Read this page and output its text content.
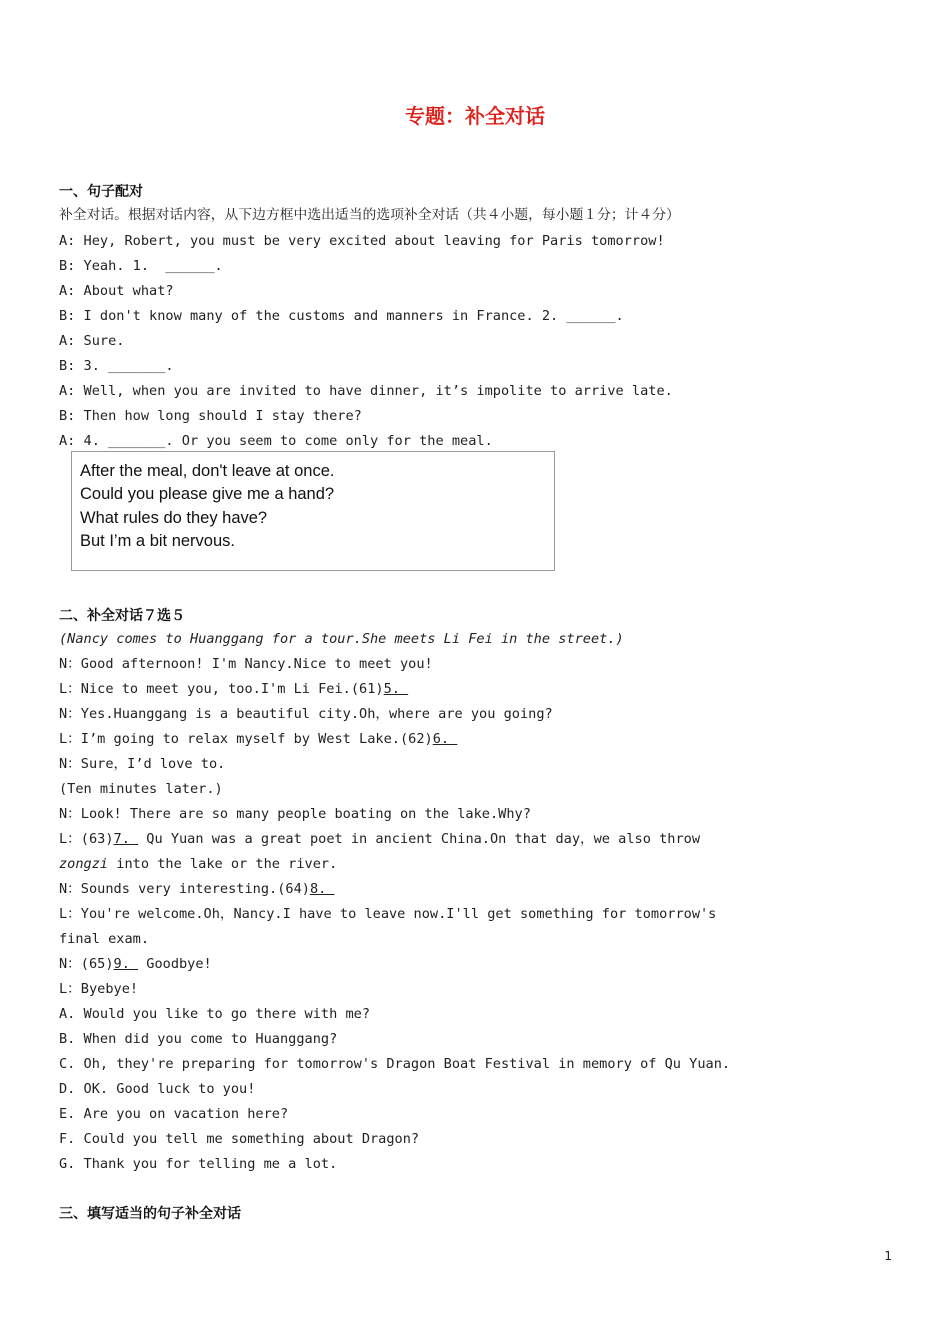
专题：补全对话
一、句子配对
补全对话。根据对话内容，从下边方框中选出适当的选项补全对话（共４小题，每小题１分；计４分）
A: Hey, Robert, you must be very excited about leaving for Paris tomorrow!
B: Yeah. 1.  ______.
A: About what?
B: I don't know many of the customs and manners in France. 2. ______.
A: Sure.
B: 3. _______.
A: Well, when you are invited to have dinner, it’s impolite to arrive late.
B: Then how long should I stay there?
A: 4. _______. Or you seem to come only for the meal.
After the meal, don't leave at once.
Could you please give me a hand?
What rules do they have?
But I’m a bit nervous.
二、补全对话７选５
(Nancy comes to Huanggang for a tour.She meets Li Fei in the street.)
N：Good afternoon! I'm Nancy.Nice to meet you!
L：Nice to meet you, too.I'm Li Fei.(61)5.
N：Yes.Huanggang is a beautiful city.Oh，where are you going?
L：I’m going to relax myself by West Lake.(62)6.
N：Sure，I’d love to.
(Ten minutes later.)
N：Look! There are so many people boating on the lake.Why?
L：(63)7.  Qu Yuan was a great poet in ancient China.On that day，we also throw
zongzi into the lake or the river.
N：Sounds very interesting.(64)8.
L：You're welcome.Oh，Nancy.I have to leave now.I'll get something for tomorrow's
final exam.
N：(65)9.  Goodbye!
L：Byebye!
A. Would you like to go there with me?
B. When did you come to Huanggang?
C. Oh, they're preparing for tomorrow's Dragon Boat Festival in memory of Qu Yuan.
D. OK. Good luck to you!
E. Are you on vacation here?
F. Could you tell me something about Dragon?
G. Thank you for telling me a lot.
三、填写适当的句子补全对话
1
